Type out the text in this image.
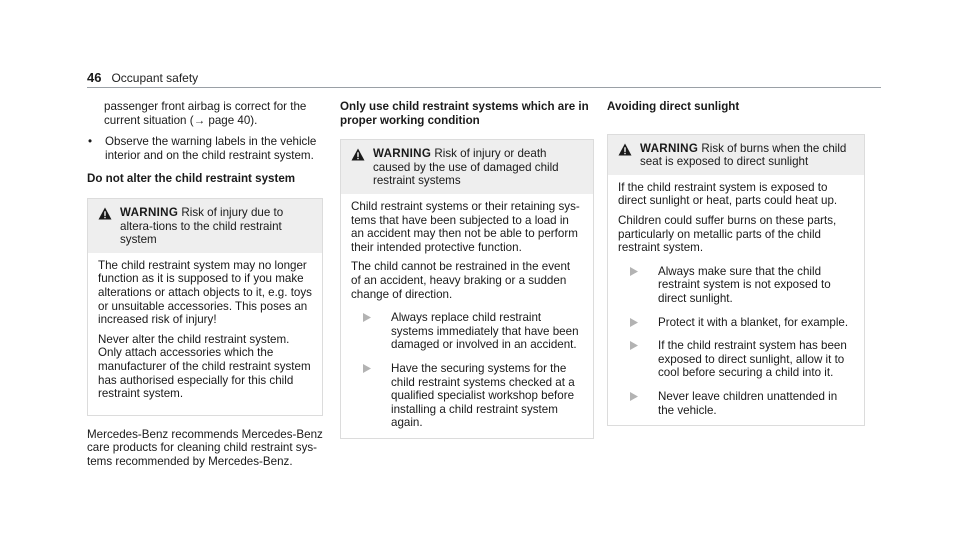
46 Occupant safety

passenger front airbag is correct for the current situation (→ page 40).

•	Observe the warning labels in the vehicle interior and on the child restraint system.
Do not alter the child restraint system
WARNING Risk of injury due to altera-tions to the child restraint system

The child restraint system may no longer function as it is supposed to if you make alterations or attach objects to it, e.g. toys or unsuitable accessories. This poses an increased risk of injury!

Never alter the child restraint system. Only attach accessories which the manufacturer of the child restraint system has authorised especially for this child restraint system.

Mercedes-Benz recommends Mercedes-Benz care products for cleaning child restraint sys-tems recommended by Mercedes-Benz.

Only use child restraint systems which are in proper working condition
WARNING Risk of injury or death caused by the use of damaged child restraint systems

Child restraint systems or their retaining sys-tems that have been subjected to a load in an accident may then not be able to perform their intended protective function.

The child cannot be restrained in the event of an accident, heavy braking or a sudden change of direction.

Always replace child restraint systems immediately that have been damaged or involved in an accident.
Have the securing systems for the child restraint systems checked at a qualified specialist workshop before installing a child restraint system again.
Avoiding direct sunlight
WARNING Risk of burns when the child seat is exposed to direct sunlight

If the child restraint system is exposed to direct sunlight or heat, parts could heat up.

Children could suffer burns on these parts, particularly on metallic parts of the child restraint system.

Always make sure that the child restraint system is not exposed to direct sunlight.
Protect it with a blanket, for example.
If the child restraint system has been exposed to direct sunlight, allow it to cool before securing a child into it.
Never leave children unattended in the vehicle.
